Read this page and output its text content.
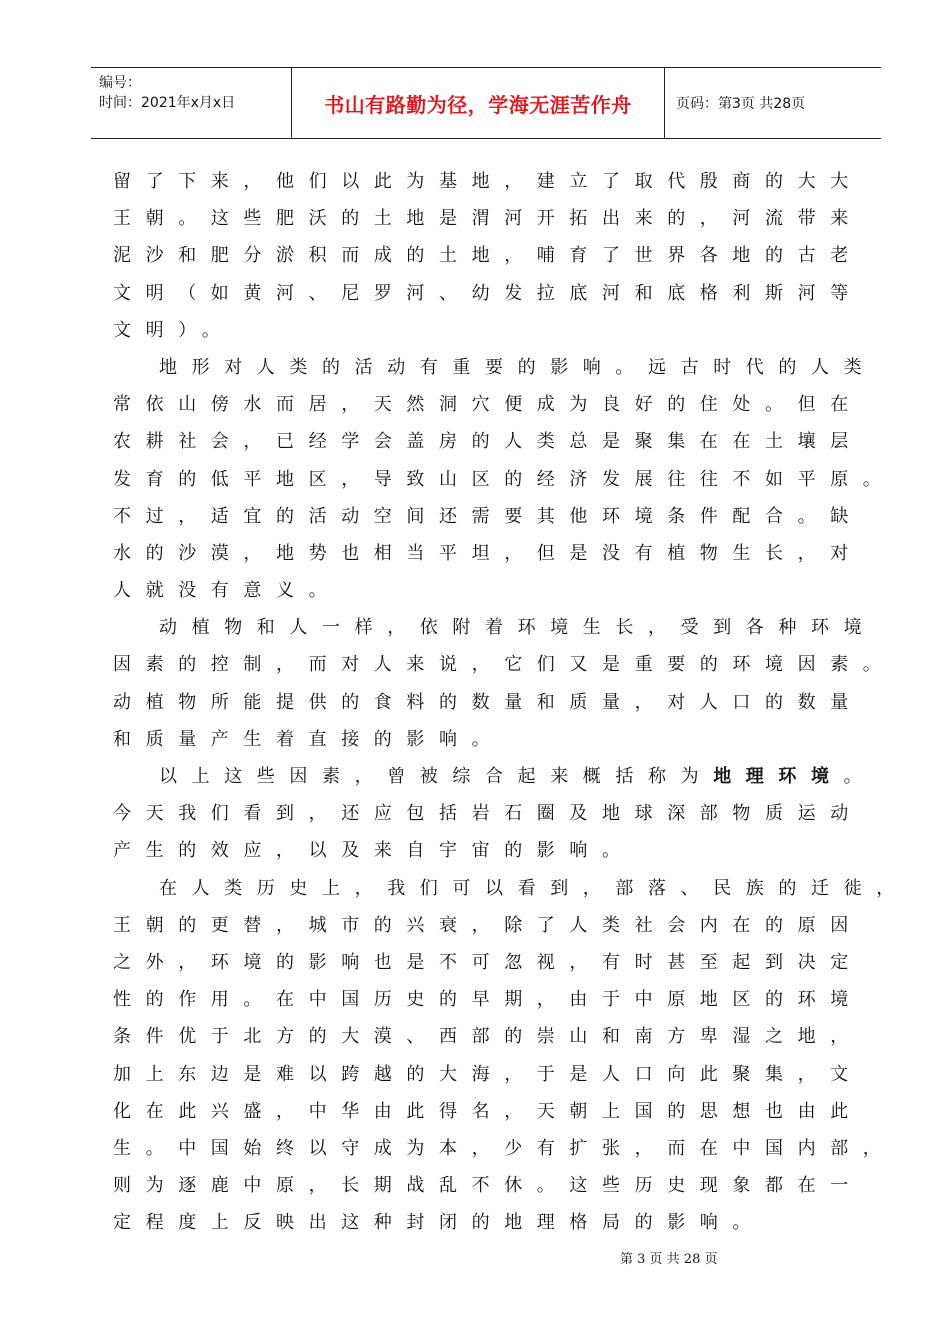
编号：
时间：2021年x月x日	书山有路勤为径，学海无涯苦作舟	页码：第3页 共28页
留了下来，他们以此为基地，建立了取代殷商的大大
王朝。这些肥沃的土地是渭河开拓出来的，河流带来
泥沙和肥分淤积而成的土地，哺育了世界各地的古老
文明（如黄河、尼罗河、幼发拉底河和底格利斯河等
文明）。
地形对人类的活动有重要的影响。远古时代的人类
常依山傍水而居，天然洞穴便成为良好的住处。但在
农耕社会，已经学会盖房的人类总是聚集在在土壤层
发育的低平地区，导致山区的经济发展往往不如平原。
不过，适宜的活动空间还需要其他环境条件配合。缺
水的沙漠，地势也相当平坦，但是没有植物生长，对
人就没有意义。
动植物和人一样，依附着环境生长，受到各种环境
因素的控制，而对人来说，它们又是重要的环境因素。
动植物所能提供的食料的数量和质量，对人口的数量
和质量产生着直接的影响。
以上这些因素，曾被综合起来概括称为地理环境。
今天我们看到，还应包括岩石圈及地球深部物质运动
产生的效应，以及来自宇宙的影响。
在人类历史上，我们可以看到，部落、民族的迁徙，
王朝的更替，城市的兴衰，除了人类社会内在的原因
之外，环境的影响也是不可忽视，有时甚至起到决定
性的作用。在中国历史的早期，由于中原地区的环境
条件优于北方的大漠、西部的崇山和南方卑湿之地，
加上东边是难以跨越的大海，于是人口向此聚集，文
化在此兴盛，中华由此得名，天朝上国的思想也由此
生。中国始终以守成为本，少有扩张，而在中国内部，
则为逐鹿中原，长期战乱不休。这些历史现象都在一
定程度上反映出这种封闭的地理格局的影响。
第 3 页 共 28 页
